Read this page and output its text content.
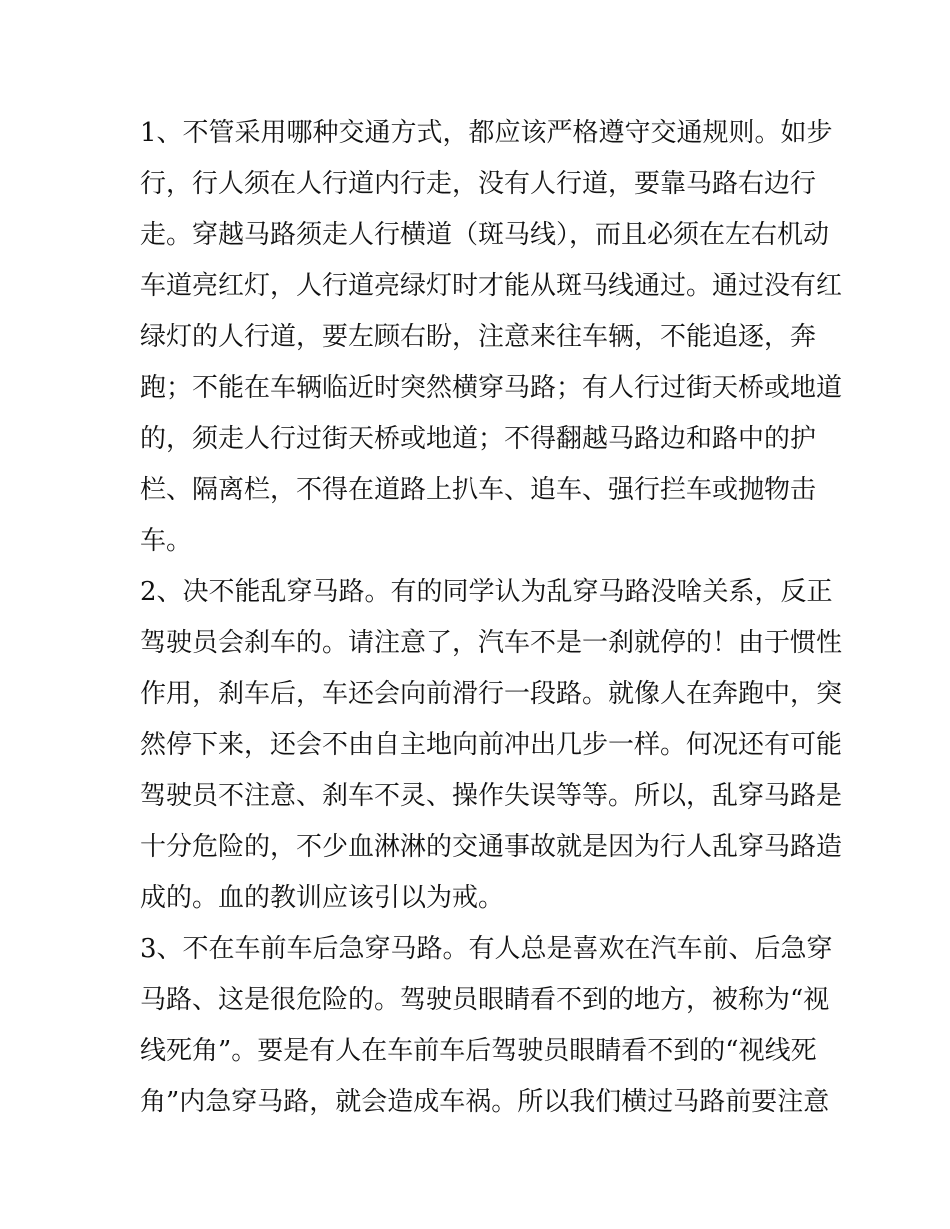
1、不管采用哪种交通方式，都应该严格遵守交通规则。如步
行，行人须在人行道内行走，没有人行道，要靠马路右边行
走。穿越马路须走人行横道（斑马线），而且必须在左右机动
车道亮红灯，人行道亮绿灯时才能从斑马线通过。通过没有红
绿灯的人行道，要左顾右盼，注意来往车辆，不能追逐，奔
跑；不能在车辆临近时突然横穿马路；有人行过街天桥或地道
的，须走人行过街天桥或地道；不得翻越马路边和路中的护
栏、隔离栏，不得在道路上扒车、追车、强行拦车或抛物击
车。
2、决不能乱穿马路。有的同学认为乱穿马路没啥关系，反正
驾驶员会刹车的。请注意了，汽车不是一刹就停的！由于惯性
作用，刹车后，车还会向前滑行一段路。就像人在奔跑中，突
然停下来，还会不由自主地向前冲出几步一样。何况还有可能
驾驶员不注意、刹车不灵、操作失误等等。所以，乱穿马路是
十分危险的，不少血淋淋的交通事故就是因为行人乱穿马路造
成的。血的教训应该引以为戒。
3、不在车前车后急穿马路。有人总是喜欢在汽车前、后急穿
马路、这是很危险的。驾驶员眼睛看不到的地方，被称为“视
线死角”。要是有人在车前车后驾驶员眼睛看不到的“视线死
角”内急穿马路，就会造成车祸。所以我们横过马路前要注意
